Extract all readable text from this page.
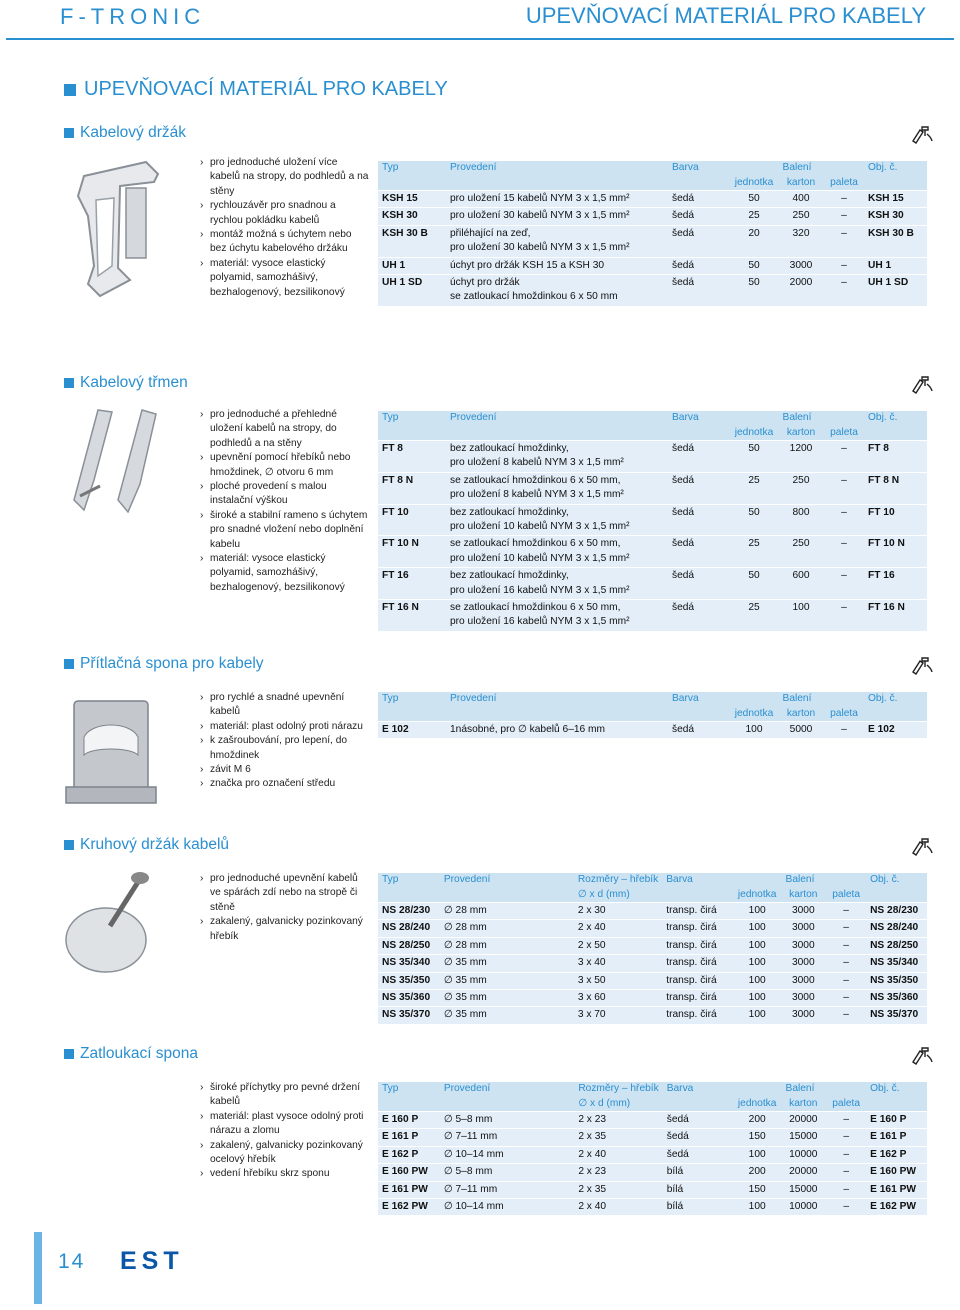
F-TRONIC	UPEVŇOVACÍ MATERIÁL PRO KABELY
UPEVŇOVACÍ MATERIÁL PRO KABELY
Kabelový držák
› pro jednoduché uložení více kabelů na stropy, do podhledů a na stěny
› rychlouzávěr pro snadnou a rychlou pokládku kabelů
› montáž možná s úchytem nebo bez úchytu kabelového držáku
› materiál: vysoce elastický polyamid, samozhášivý, bezhalogenový, bezsilikonový
Typ	Provedení	Barva	Balení			Obj. č.
			jednotka	karton	paleta	
KSH 15	pro uložení 15 kabelů NYM 3 x 1,5 mm²	šedá	50	400	–	KSH 15
KSH 30	pro uložení 30 kabelů NYM 3 x 1,5 mm²	šedá	25	250	–	KSH 30
KSH 30 B	přiléhající na zeď,
pro uložení 30 kabelů NYM 3 x 1,5 mm²	šedá	20	320	–	KSH 30 B
UH 1	úchyt pro držák KSH 15 a KSH 30	šedá	50	3000	–	UH 1
UH 1 SD	úchyt pro držák
se zatloukací hmoždinkou 6 x 50 mm	šedá	50	2000	–	UH 1 SD
Kabelový třmen
› pro jednoduché a přehledné uložení kabelů na stropy, do podhledů a na stěny
› upevnění pomocí hřebíků nebo hmoždinek, ∅ otvoru 6 mm
› ploché provedení s malou instalační výškou
› široké a stabilní rameno s úchytem pro snadné vložení nebo doplnění kabelu
› materiál: vysoce elastický polyamid, samozhášivý, bezhalogenový, bezsilikonový
Typ	Provedení	Barva	Balení			Obj. č.
			jednotka	karton	paleta	
FT 8	bez zatloukací hmoždinky,
pro uložení 8 kabelů NYM 3 x 1,5 mm²	šedá	50	1200	–	FT 8
FT 8 N	se zatloukací hmoždinkou 6 x 50 mm,
pro uložení 8 kabelů NYM 3 x 1,5 mm²	šedá	25	250	–	FT 8 N
FT 10	bez zatloukací hmoždinky,
pro uložení 10 kabelů NYM 3 x 1,5 mm²	šedá	50	800	–	FT 10
FT 10 N	se zatloukací hmoždinkou 6 x 50 mm,
pro uložení 10 kabelů NYM 3 x 1,5 mm²	šedá	25	250	–	FT 10 N
FT 16	bez zatloukací hmoždinky,
pro uložení 16 kabelů NYM 3 x 1,5 mm²	šedá	50	600	–	FT 16
FT 16 N	se zatloukací hmoždinkou 6 x 50 mm,
pro uložení 16 kabelů NYM 3 x 1,5 mm²	šedá	25	100	–	FT 16 N
Přítlačná spona pro kabely
› pro rychlé a snadné upevnění kabelů
› materiál: plast odolný proti nárazu
› k zašroubování, pro lepení, do hmoždinek
› závit M 6
› značka pro označení středu
Typ	Provedení	Barva	Balení			Obj. č.
			jednotka	karton	paleta	
E 102	1násobné, pro ∅ kabelů 6–16 mm	šedá	100	5000	–	E 102
Kruhový držák kabelů
› pro jednoduché upevnění kabelů ve spárách zdí nebo na stropě či stěně
› zakalený, galvanicky pozinkovaný hřebík
Typ	Provedení	Rozměry – hřebík	Barva	Balení			Obj. č.
		∅ x d (mm)		jednotka	karton	paleta	
NS 28/230	∅ 28 mm	2 x 30	transp. čirá	100	3000	–	NS 28/230
NS 28/240	∅ 28 mm	2 x 40	transp. čirá	100	3000	–	NS 28/240
NS 28/250	∅ 28 mm	2 x 50	transp. čirá	100	3000	–	NS 28/250
NS 35/340	∅ 35 mm	3 x 40	transp. čirá	100	3000	–	NS 35/340
NS 35/350	∅ 35 mm	3 x 50	transp. čirá	100	3000	–	NS 35/350
NS 35/360	∅ 35 mm	3 x 60	transp. čirá	100	3000	–	NS 35/360
NS 35/370	∅ 35 mm	3 x 70	transp. čirá	100	3000	–	NS 35/370
Zatloukací spona
› široké příchytky pro pevné držení kabelů
› materiál: plast vysoce odolný proti nárazu a zlomu
› zakalený, galvanicky pozinkovaný ocelový hřebík
› vedení hřebíku skrz sponu
Typ	Provedení	Rozměry – hřebík	Barva	Balení			Obj. č.
		∅ x d (mm)		jednotka	karton	paleta	
E 160 P	∅ 5–8 mm	2 x 23	šedá	200	20000	–	E 160 P
E 161 P	∅ 7–11 mm	2 x 35	šedá	150	15000	–	E 161 P
E 162 P	∅ 10–14 mm	2 x 40	šedá	100	10000	–	E 162 P
E 160 PW	∅ 5–8 mm	2 x 23	bílá	200	20000	–	E 160 PW
E 161 PW	∅ 7–11 mm	2 x 35	bílá	150	15000	–	E 161 PW
E 162 PW	∅ 10–14 mm	2 x 40	bílá	100	10000	–	E 162 PW
14 EST
